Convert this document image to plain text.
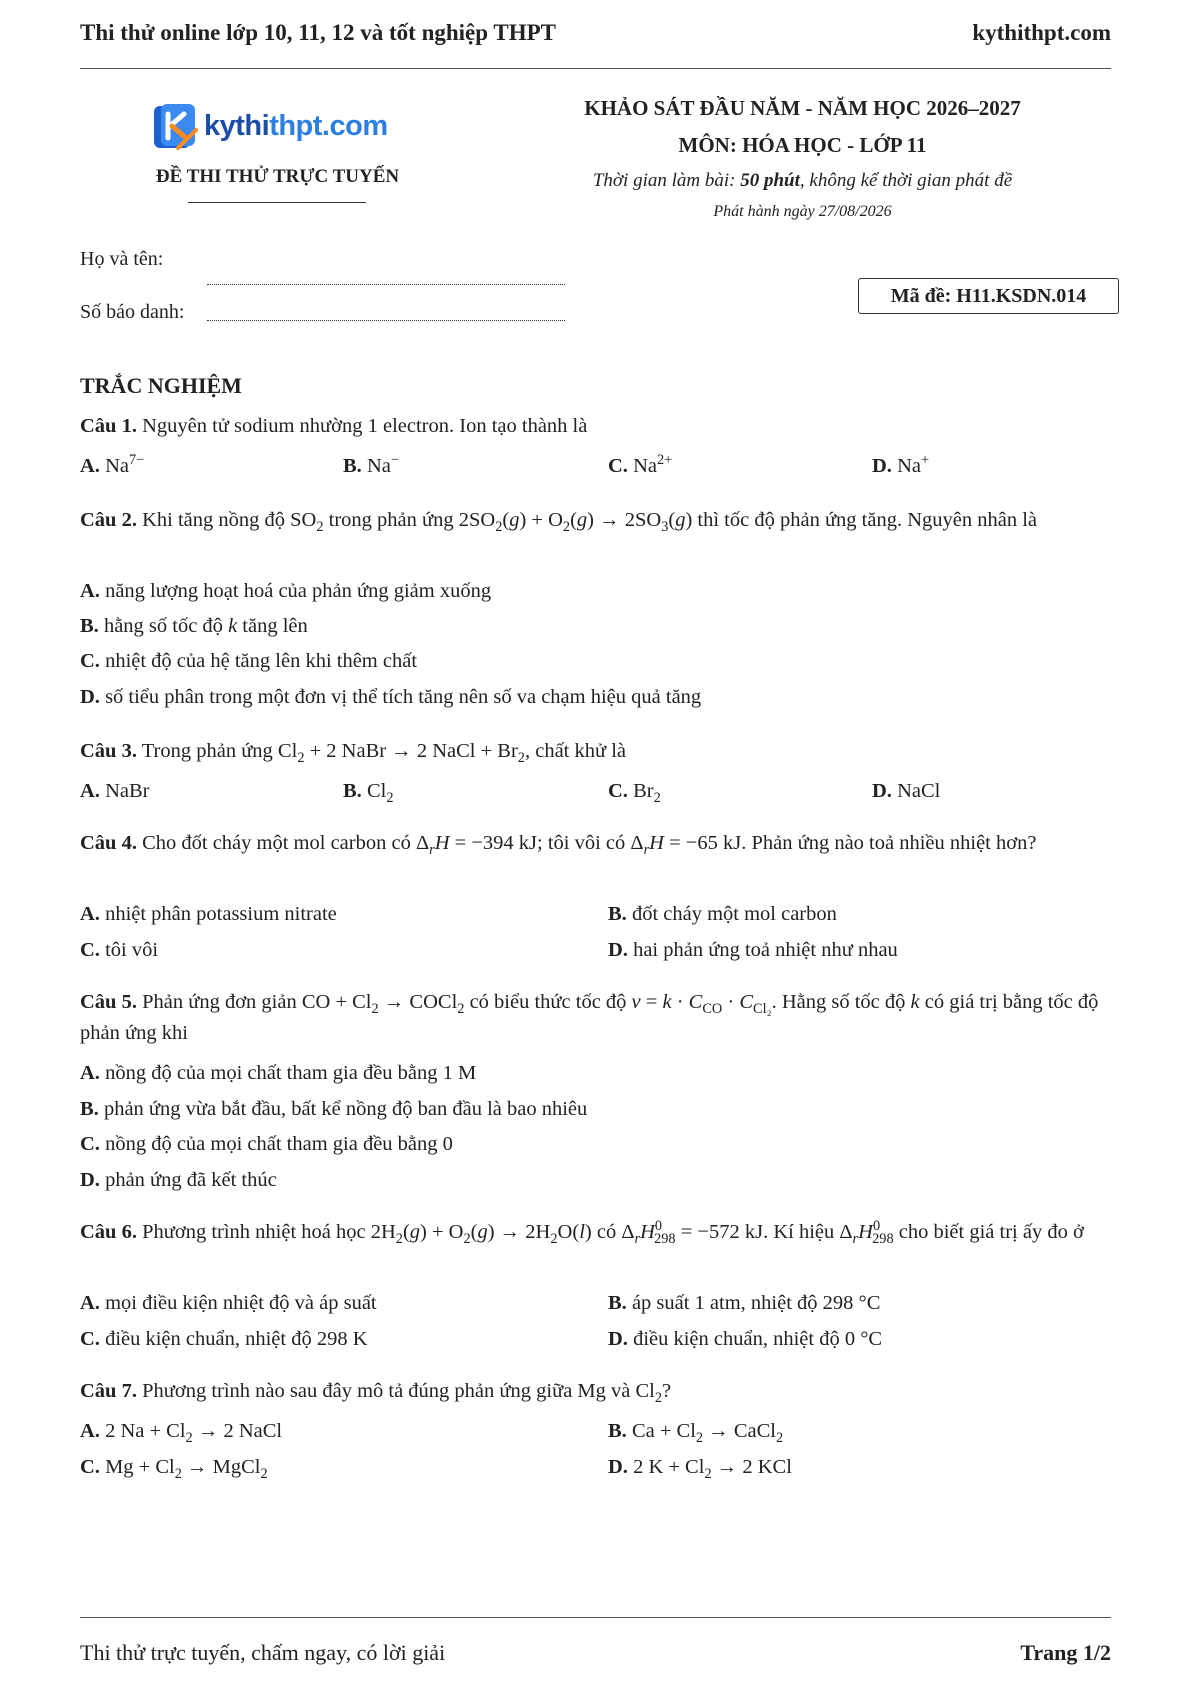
Thi thử online lớp 10, 11, 12 và tốt nghiệp THPT	kythithpt.com
kythithpt.com
ĐỀ THI THỬ TRỰC TUYẾN
KHẢO SÁT ĐẦU NĂM - NĂM HỌC 2026–2027
MÔN: HÓA HỌC - LỚP 11
Thời gian làm bài: 50 phút, không kể thời gian phát đề
Phát hành ngày 27/08/2026
Họ và tên:
Số báo danh:
Mã đề: H11.KSDN.014
TRẮC NGHIỆM
Câu 1. Nguyên tử sodium nhường 1 electron. Ion tạo thành là
A. $Na^{7-}$	B. Na−	C. $Na^{2+}$	D. Na+
Câu 2. Khi tăng nồng độ $SO_2$ trong phản ứng $2SO_2(g) + O_2(g) \to 2SO_3(g)$ thì tốc độ phản ứng tăng. Nguyên nhân là
A. năng lượng hoạt hoá của phản ứng giảm xuống
B. hằng số tốc độ k tăng lên
C. nhiệt độ của hệ tăng lên khi thêm chất
D. số tiểu phân trong một đơn vị thể tích tăng nên số va chạm hiệu quả tăng
Câu 3. Trong phản ứng $Cl_2 + 2$ NaBr → 2 NaCl + $Br_2$, chất khử là
A. NaBr	B. $Cl_2$	C. $Br_2$	D. NaCl
Câu 4. Cho đốt cháy một mol carbon có $\Delta_rH = -394$ kJ; tôi vôi có $\Delta_rH = -65$ kJ. Phản ứng nào toả nhiều nhiệt hơn?
A. nhiệt phân potassium nitrate	B. đốt cháy một mol carbon
C. tôi vôi	D. hai phản ứng toả nhiệt như nhau
Câu 5. Phản ứng đơn giản CO + $Cl_2$ → COCl$_2$ có biểu thức tốc độ $v = k \cdot C_{CO} \cdot C_{Cl_2}$. Hằng số tốc độ k có giá trị bằng tốc độ phản ứng khi
A. nồng độ của mọi chất tham gia đều bằng 1 M
B. phản ứng vừa bắt đầu, bất kể nồng độ ban đầu là bao nhiêu
C. nồng độ của mọi chất tham gia đều bằng 0
D. phản ứng đã kết thúc
Câu 6. Phương trình nhiệt hoá học $2H_2(g) + O_2(g) \to 2H_2O(l)$ có $\Delta_rH^0_{298} = -572$ kJ. Kí hiệu $\Delta_rH^0_{298}$ cho biết giá trị ấy đo ở
A. mọi điều kiện nhiệt độ và áp suất	B. áp suất 1 atm, nhiệt độ 298 °C
C. điều kiện chuẩn, nhiệt độ 298 K	D. điều kiện chuẩn, nhiệt độ 0 °C
Câu 7. Phương trình nào sau đây mô tả đúng phản ứng giữa Mg và $Cl_2$?
A. 2 $Na + Cl_2 \to 2$ NaCl	B. $Ca + Cl_2$ → CaCl$_2$
C. $Mg + Cl_2$ → MgCl$_2$	D. 2 $K + Cl_2 \to 2$ KCl
Thi thử trực tuyến, chấm ngay, có lời giải	Trang 1/2
